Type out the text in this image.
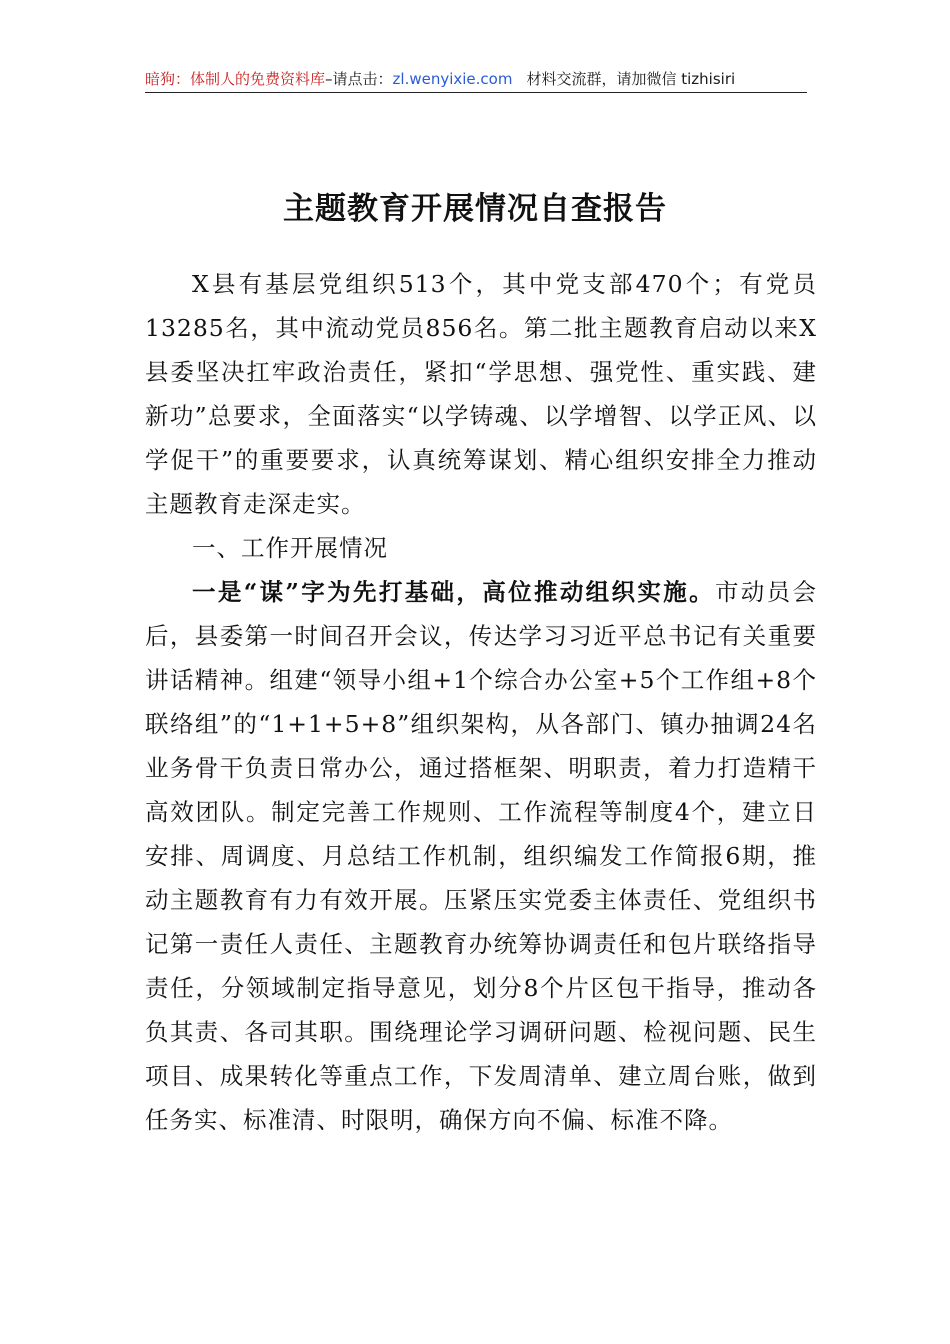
暗狗：体制人的免费资料库–请点击：zl.wenyixie.com 材料交流群，请加微信 tizhisiri
主题教育开展情况自查报告

X县有基层党组织513个，其中党支部470个；有党员13285名，其中流动党员856名。第二批主题教育启动以来X县委坚决扛牢政治责任，紧扣“学思想、强党性、重实践、建新功”总要求，全面落实“以学铸魂、以学增智、以学正风、以学促干”的重要要求，认真统筹谋划、精心组织安排全力推动主题教育走深走实。

一、工作开展情况

一是“谋”字为先打基础，高位推动组织实施。市动员会后，县委第一时间召开会议，传达学习习近平总书记有关重要讲话精神。组建“领导小组+1个综合办公室+5个工作组+8个联络组”的“1+1+5+8”组织架构，从各部门、镇办抽调24名业务骨干负责日常办公，通过搭框架、明职责，着力打造精干高效团队。制定完善工作规则、工作流程等制度4个，建立日安排、周调度、月总结工作机制，组织编发工作简报6期，推动主题教育有力有效开展。压紧压实党委主体责任、党组织书记第一责任人责任、主题教育办统筹协调责任和包片联络指导责任，分领域制定指导意见，划分8个片区包干指导，推动各负其责、各司其职。围绕理论学习调研问题、检视问题、民生项目、成果转化等重点工作，下发周清单、建立周台账，做到任务实、标准清、时限明，确保方向不偏、标准不降。
